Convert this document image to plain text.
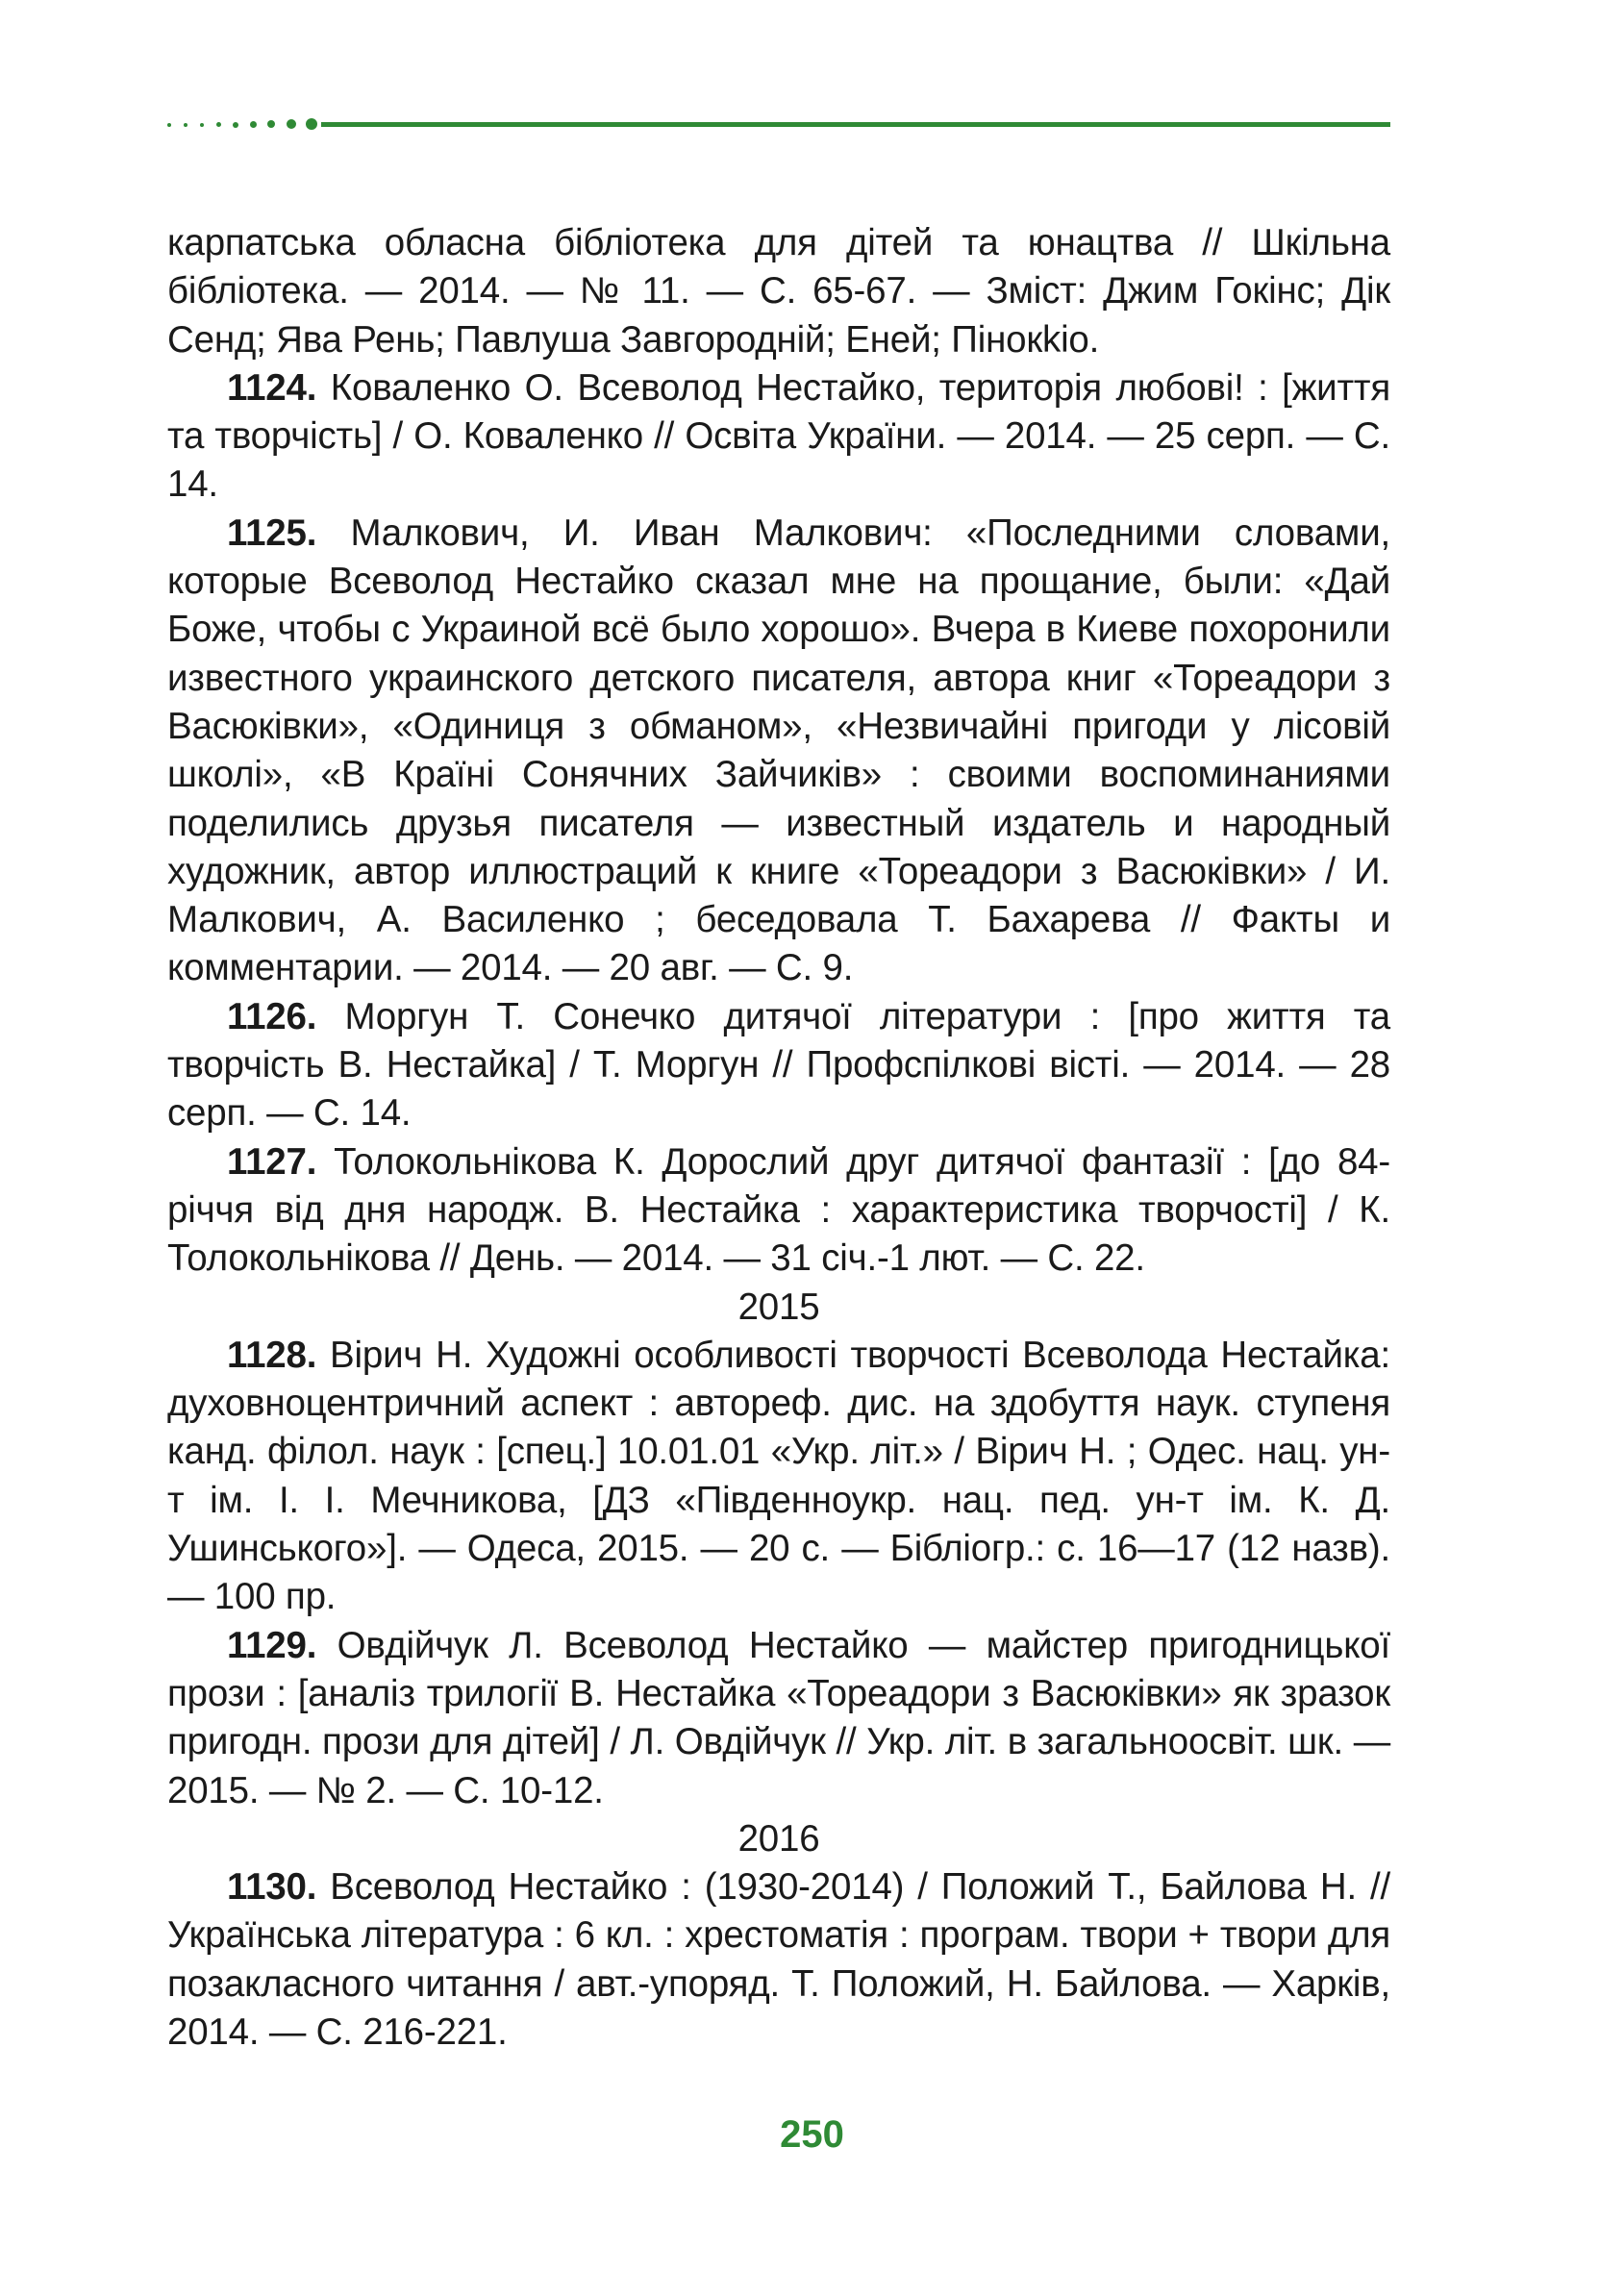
карпатська обласна бібліотека для дітей та юнацтва // Шкільна бібліотека. — 2014. — № 11. — С. 65-67. — Зміст: Джим Гокінс; Дік Сенд; Ява Рень; Павлуша Завгородній; Еней; Пінокkio.

1124. Коваленко О. Всеволод Нестайко, територія любові! : [життя та творчість] / О. Коваленко // Освіта України. — 2014. — 25 серп. — С. 14.

1125. Малкович, И. Иван Малкович: «Последними словами, которые Всеволод Нестайко сказал мне на прощание, были: «Дай Боже, чтобы с Украиной всё было хорошо». Вчера в Киеве похоронили известного украинского детского писателя, автора книг «Тореадори з Васюківки», «Одиниця з обманом», «Незвичайні пригоди у лісовій школі», «В Країні Сонячних Зайчиків» : своими воспоминаниями поделились друзья писателя — известный издатель и народный художник, автор иллюстраций к книге «Тореадори з Васюківки» / И. Малкович, А. Василенко ; беседовала Т. Бахарева // Факты и комментарии. — 2014. — 20 авг. — С. 9.

1126. Моргун Т. Сонечко дитячої літератури : [про життя та творчість В. Нестайка] / Т. Моргун // Профспілкові вісті. — 2014. — 28 серп. — С. 14.

1127. Толокольнікова К. Дорослий друг дитячої фантазії : [до 84-річчя від дня народж. В. Нестайка : характеристика творчості] / К. Толокольнікова // День. — 2014. — 31 січ.-1 лют. — С. 22.

2015

1128. Вірич Н. Художні особливості творчості Всеволода Нестайка: духовноцентричний аспект : автореф. дис. на здобуття наук. ступеня канд. філол. наук : [спец.] 10.01.01 «Укр. літ.» / Вірич Н. ; Одес. нац. ун-т ім. І. І. Мечникова, [ДЗ «Південноукр. нац. пед. ун-т ім. К. Д. Ушинського»]. — Одеса, 2015. — 20 с. — Бібліогр.: с. 16—17 (12 назв). — 100 пр.

1129. Овдійчук Л. Всеволод Нестайко — майстер пригодницької прози : [аналіз трилогії В. Нестайка «Тореадори з Васюківки» як зразок пригодн. прози для дітей] / Л. Овдійчук // Укр. літ. в загальноосвіт. шк. — 2015. — № 2. — С. 10-12.

2016

1130. Всеволод Нестайко : (1930-2014) / Положий Т., Байлова Н. // Українська література : 6 кл. : хрестоматія : програм. твори + твори для позакласного читання / авт.-упоряд. Т. Положий, Н. Байлова. — Харків, 2014. — С. 216-221.

250
